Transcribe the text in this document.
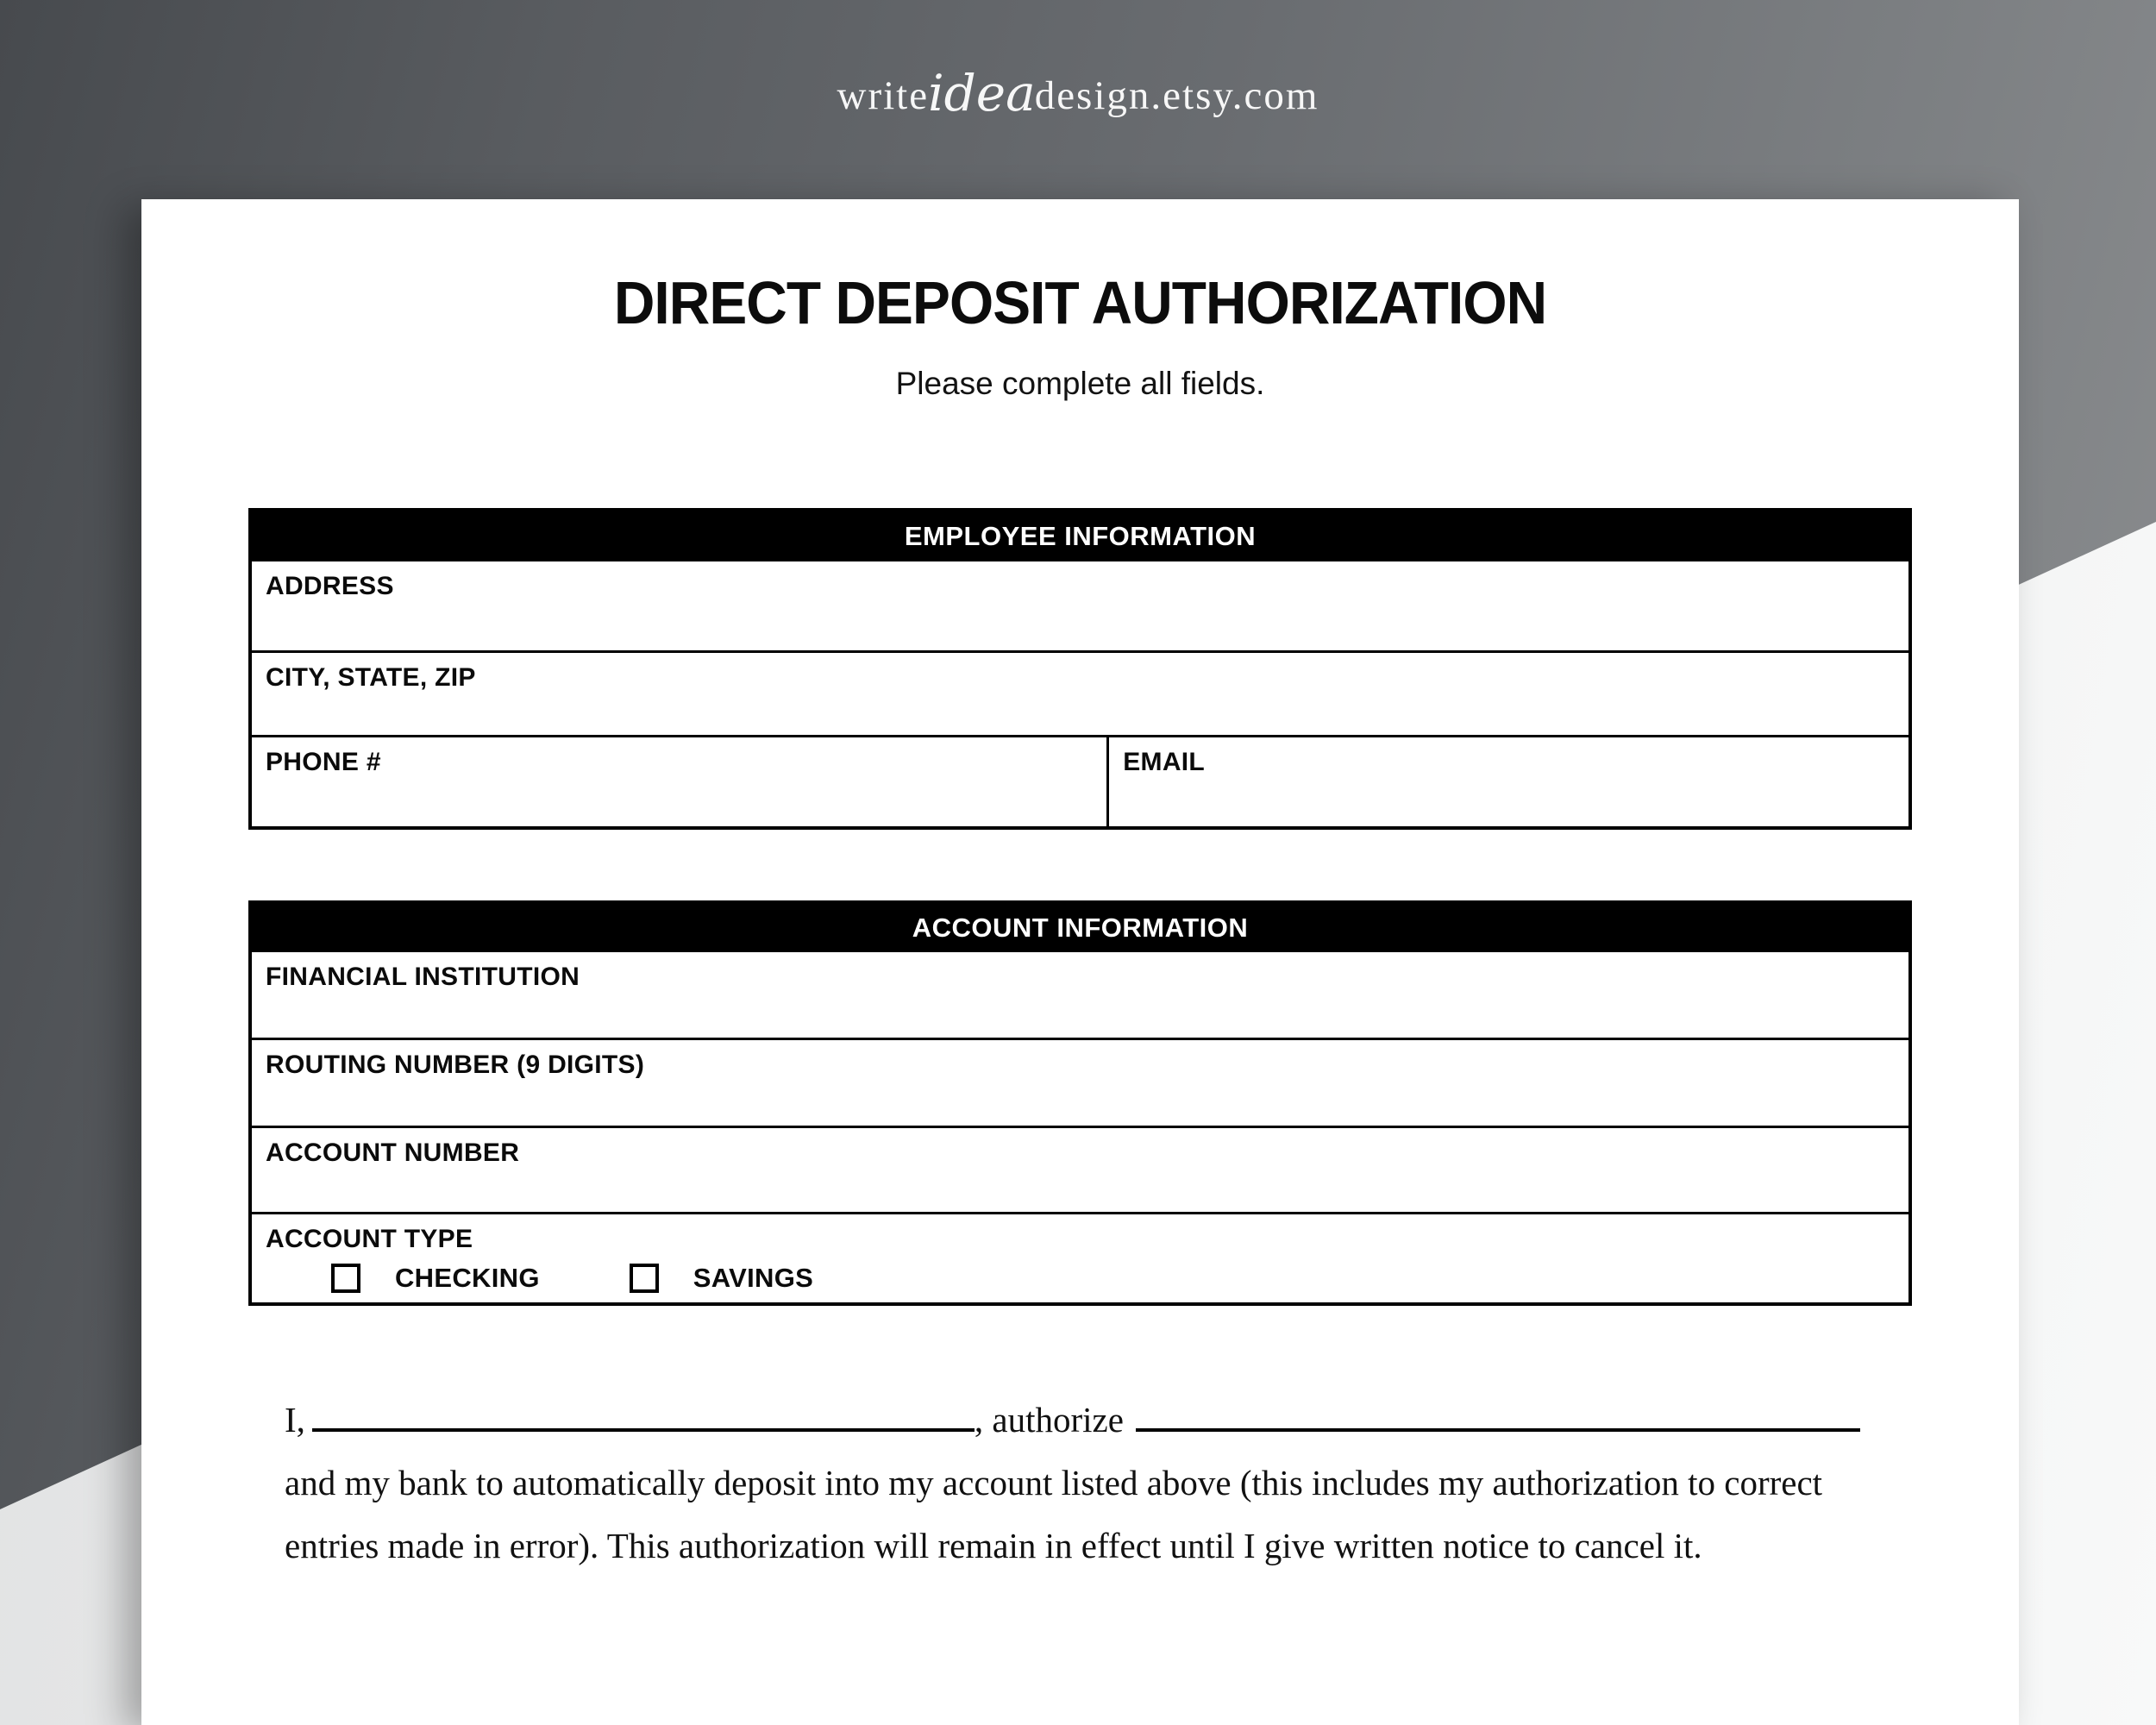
writeideadesign.etsy.com
DIRECT DEPOSIT AUTHORIZATION
Please complete all fields.
EMPLOYEE INFORMATION
ADDRESS
CITY, STATE, ZIP
PHONE #	EMAIL
ACCOUNT INFORMATION
FINANCIAL INSTITUTION
ROUTING NUMBER (9 DIGITS)
ACCOUNT NUMBER
ACCOUNT TYPE
CHECKING	SAVINGS
I,	, authorize
and my bank to automatically deposit into my account listed above (this includes my authorization to correct
entries made in error). This authorization will remain in effect until I give written notice to cancel it.
